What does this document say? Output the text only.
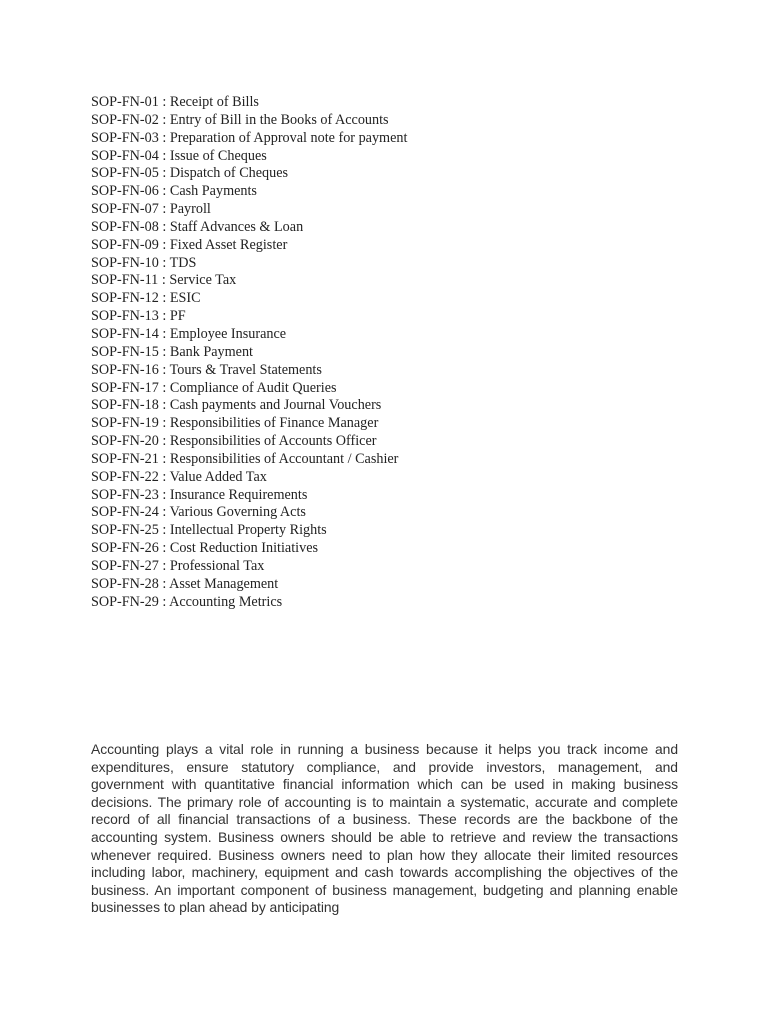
SOP-FN-01 : Receipt of Bills
SOP-FN-02 : Entry of Bill in the Books of Accounts
SOP-FN-03 : Preparation of Approval note for payment
SOP-FN-04 : Issue of Cheques
SOP-FN-05 : Dispatch of Cheques
SOP-FN-06 : Cash Payments
SOP-FN-07 : Payroll
SOP-FN-08 : Staff Advances & Loan
SOP-FN-09 : Fixed Asset Register
SOP-FN-10 : TDS
SOP-FN-11 : Service Tax
SOP-FN-12 : ESIC
SOP-FN-13 : PF
SOP-FN-14 : Employee Insurance
SOP-FN-15 : Bank Payment
SOP-FN-16 : Tours & Travel Statements
SOP-FN-17 : Compliance of Audit Queries
SOP-FN-18 : Cash payments and Journal Vouchers
SOP-FN-19 : Responsibilities of Finance Manager
SOP-FN-20 : Responsibilities of Accounts Officer
SOP-FN-21 : Responsibilities of Accountant / Cashier
SOP-FN-22 : Value Added Tax
SOP-FN-23 : Insurance Requirements
SOP-FN-24 : Various Governing Acts
SOP-FN-25 : Intellectual Property Rights
SOP-FN-26 : Cost Reduction Initiatives
SOP-FN-27 : Professional Tax
SOP-FN-28 : Asset Management
SOP-FN-29 : Accounting Metrics

Accounting plays a vital role in running a business because it helps you track income and expenditures, ensure statutory compliance, and provide investors, management, and government with quantitative financial information which can be used in making business decisions. The primary role of accounting is to maintain a systematic, accurate and complete record of all financial transactions of a business. These records are the backbone of the accounting system. Business owners should be able to retrieve and review the transactions whenever required. Business owners need to plan how they allocate their limited resources including labor, machinery, equipment and cash towards accomplishing the objectives of the business. An important component of business management, budgeting and planning enable businesses to plan ahead by anticipating
